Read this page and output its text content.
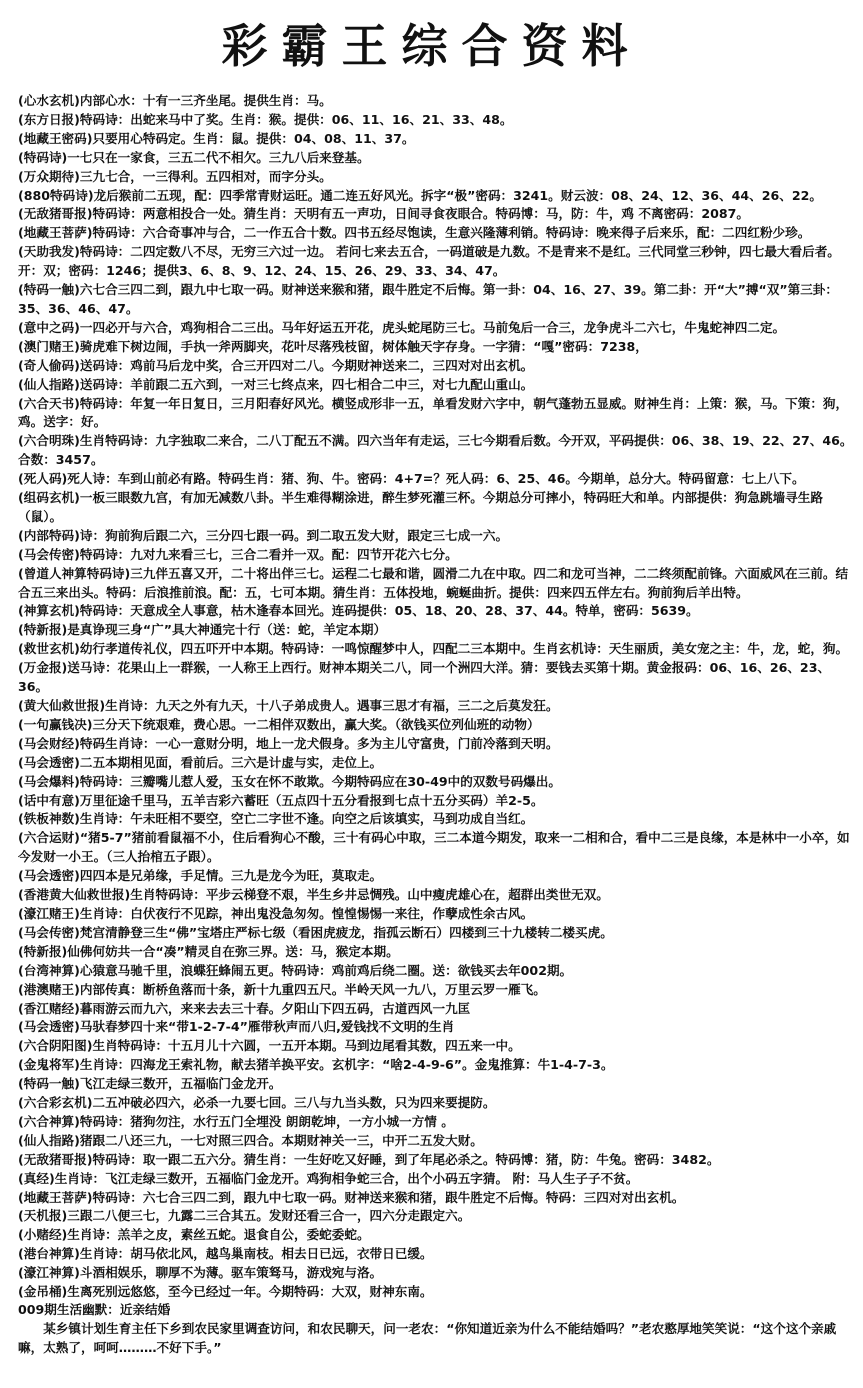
彩霸王综合资料

(心水玄机)内部心水：十有一三齐坐尾。提供生肖：马。

(东方日报)特码诗：出蛇来马中了奖。生肖：猴。提供：06、11、16、21、33、48。

(地藏王密码)只要用心特码定。生肖：鼠。提供：04、08、11、37。

(特码诗)一七只在一家食，三五二代不相欠。三九八后来登基。

(万众期待)三九七合，一三得利。五四相对，而字分头。

(880特码诗)龙后猴前二五现，配：四季常青财运旺。通二连五好风光。拆字“极”密码：3241。财云波：08、24、12、36、44、26、22。

(无敌猪哥报)特码诗：两意相投合一处。猜生肖：天明有五一声功，日间寻食夜眼合。特码博：马，防：牛，鸡 不离密码：2087。

(地藏王菩萨)特码诗：六合奇事冲与合，二一作五合十数。四书五经尽饱读，生意兴隆薄利销。特码诗：晚来得子后来乐，配：二四红粉少珍。

(天助我发)特码诗：二四定数八不尽，无穷三六过一边。 若问七来去五合，一码道破是九数。不是青来不是红。三代同堂三秒钟，四七最大看后者。 开：双；密码：1246；提供3、6、8、9、12、24、15、26、29、33、34、47。

(特码一触)六七合三四二到，跟九中七取一码。财神送来猴和猪，跟牛胜定不后悔。第一卦：04、16、27、39。第二卦：开“大”搏“双”第三卦：35、36、46、47。

(意中之码)一四必开与六合，鸡狗相合二三出。马年好运五开花，虎头蛇尾防三七。马前兔后一合三，龙争虎斗二六七，牛鬼蛇神四二定。

(澳门赌王)骑虎难下树边闹，手执一斧两脚夹，花叶尽落残枝留，树体触天字存身。一字猜：“嘎”密码：7238，

(奇人偷码)送码诗：鸡前马后龙中奖，合三开四对二八。今期财神送来二，三四对对出玄机。

(仙人指路)送码诗：羊前跟二五六到，一对三七终点来，四七相合二中三，对七九配山重山。

(六合天书)特码诗：年复一年日复日，三月阳春好风光。横竖成形非一五，单看发财六字中，朝气蓬勃五显威。财神生肖：上策：猴，马。下策：狗，鸡。送字：好。

(六合明珠)生肖特码诗：九字独取二来合，二八丁配五不满。四六当年有走运，三七今期看后数。今开双，平码提供：06、38、19、22、27、46。合数：3457。

(死人码)死人诗：车到山前必有路。特码生肖：猪、狗、牛。密码：4+7=？死人码：6、25、46。今期单，总分大。特码留意：七上八下。

(组码玄机)一板三眼数九宫，有加无减数八卦。半生难得糊涂进，醉生梦死灌三杯。今期总分可摔小，特码旺大和单。内部提供：狗急跳墙寻生路（鼠）。

(内部特码)诗：狗前狗后跟二六，三分四七跟一码。到二取五发大财，跟定三七成一六。

(马会传密)特码诗：九对九来看三七，三合二看并一双。配：四节开花六七分。

(曾道人神算特码诗)三九伴五喜又开，二十将出伴三七。运程二七最和谐，圆滑二九在中取。四二和龙可当神，二二终须配前锋。六面威风在三前。结合五三来出头。特码：后浪推前浪。配：五，七可本期。猜生肖：五体投地，蜿蜒曲折。提供：四来四五伴左右。狗前狗后羊出特。

(神算玄机)特码诗：天意成全人事意，枯木逢春本回光。连码提供：05、18、20、28、37、44。特单，密码：5639。

(特新报)是真诤现三身“广”具大神通完十行（送：蛇，羊定本期）

(救世玄机)幼行孝道传礼仪，四五吓开中本期。特码诗：一鸣惊醒梦中人，四配二三本期中。生肖玄机诗：天生丽质，美女宠之主：牛，龙，蛇，狗。

(万金报)送马诗：花果山上一群猴，一人称王上西行。财神本期关二八，同一个洲四大洋。猜：要钱去买第十期。黄金报码：06、16、26、23、36。

(黄大仙救世报)生肖诗：九天之外有九天，十八子弟成贵人。遇事三思才有福，三二之后莫发狂。

(一句赢钱决)三分天下统艰难，费心思。一二相伴双数出，赢大奖。（欲钱买位列仙班的动物）

(马会财经)特码生肖诗：一心一意财分明，地上一龙犬假身。多为主儿守富贵，门前冷落到天明。

(马会透密)二五本期相见面，看前后。三六是计虚与实，走位上。

(马会爆料)特码诗：三瓣嘴儿惹人爱，玉女在怀不敢欺。今期特码应在30-49中的双数号码爆出。

(话中有意)万里征途千里马，五羊吉彩六蓄旺（五点四十五分看报到七点十五分买码）羊2-5。

(铁板神数)生肖诗：午未旺相不要空，空亡二字世不逢。向空之后该填实，马到功成自当红。

(六合运财)“猪5-7”猪前看鼠福不小，住后看狗心不酸，三十有码心中取，三二本道今期发，取来一二相和合，看中二三是良缘，本是林中一小卒，如今发财一小王。（三人抬棺五子跟）。

(马会透密)四四本是兄弟缘，手足情。三九是龙今为旺，莫取走。

(香港黄大仙救世报)生肖特码诗：平步云梯登不艰，半生乡井忌惆残。山中瘦虎雄心在，超群出类世无双。

(濠江赌王)生肖诗：白伏夜行不见踪，神出鬼没急匆匆。惶惶惕惕一来往，作孽成性余古风。

(马会传密)梵宫清静登三生“佛”宝塔庄严标七级（看困虎疲龙，指孤云断石）四楼到三十九楼转二楼买虎。

(特新报)仙佛何妨共一合“凑”精灵自在弥三界。送：马，猴定本期。

(台湾神算)心猿意马驰千里，浪蝶狂蜂闹五更。特码诗：鸡前鸡后绕二圈。送：欲钱买去年002期。

(港澳赌王)内部传真：断桥鱼落而十条，新十九重四五尺。半岭天风一九八，万里云罗一雁飞。

(香江赌经)暮雨游云而九六，来来去去三十春。夕阳山下四五码，古道西风一九匡

(马会透密)马驮春梦四十来“带1-2-7-4”雁带秋声而八归,爱钱找不文明的生肖

(六合阴阳图)生肖特码诗：十五月儿十六圆，一五开本期。马到边尾看其数，四五来一中。

(金鬼将军)生肖诗：四海龙王索礼物，献去猪羊换平安。玄机字：“啥2-4-9-6”。金鬼推算：牛1-4-7-3。

(特码一触)飞江走绿三数开，五福临门金龙开。

(六合彩玄机)二五冲破必四六，必杀一九要七回。三八与九当头数，只为四来要提防。

(六合神算)特码诗：猪狗勿注，水行五门全埋没 朗朗乾坤，一方小城一方情 。

(仙人指路)猪跟二八还三九，一七对照三四合。本期财神关一三，中开二五发大财。

(无敌猪哥报)特码诗：取一跟二五六分。猜生肖：一生好吃又好睡，到了年尾必杀之。特码博：猪，防：牛兔。密码：3482。

(真经)生肖诗：飞江走绿三数开，五福临门金龙开。鸡狗相争蛇三合，出个小码五字猜。 附：马人生子子不贫。

(地藏王菩萨)特码诗：六七合三四二到，跟九中七取一码。财神送来猴和猪，跟牛胜定不后悔。特码：三四对对出玄机。

(天机报)三跟二八便三七，九露二三合其五。发财还看三合一，四六分走跟定六。

(小赌经)生肖诗：羔羊之皮，素丝五蛇。退食自公，委蛇委蛇。

(港台神算)生肖诗：胡马依北风，越鸟巢南枝。相去日已远，衣带日已缓。

(濠江神算)斗酒相娱乐，聊厚不为薄。驱车策驽马，游戏宛与洛。

(金吊桶)生离死别远悠悠，至今已经过一年。今期特码：大双，财神东南。

009期生活幽默：近亲结婚

某乡镇计划生育主任下乡到农民家里调查访问，和农民聊天，问一老农：“你知道近亲为什么不能结婚吗？”老农憨厚地笑笑说：“这个这个亲戚嘛，太熟了，呵呵………不好下手。”
